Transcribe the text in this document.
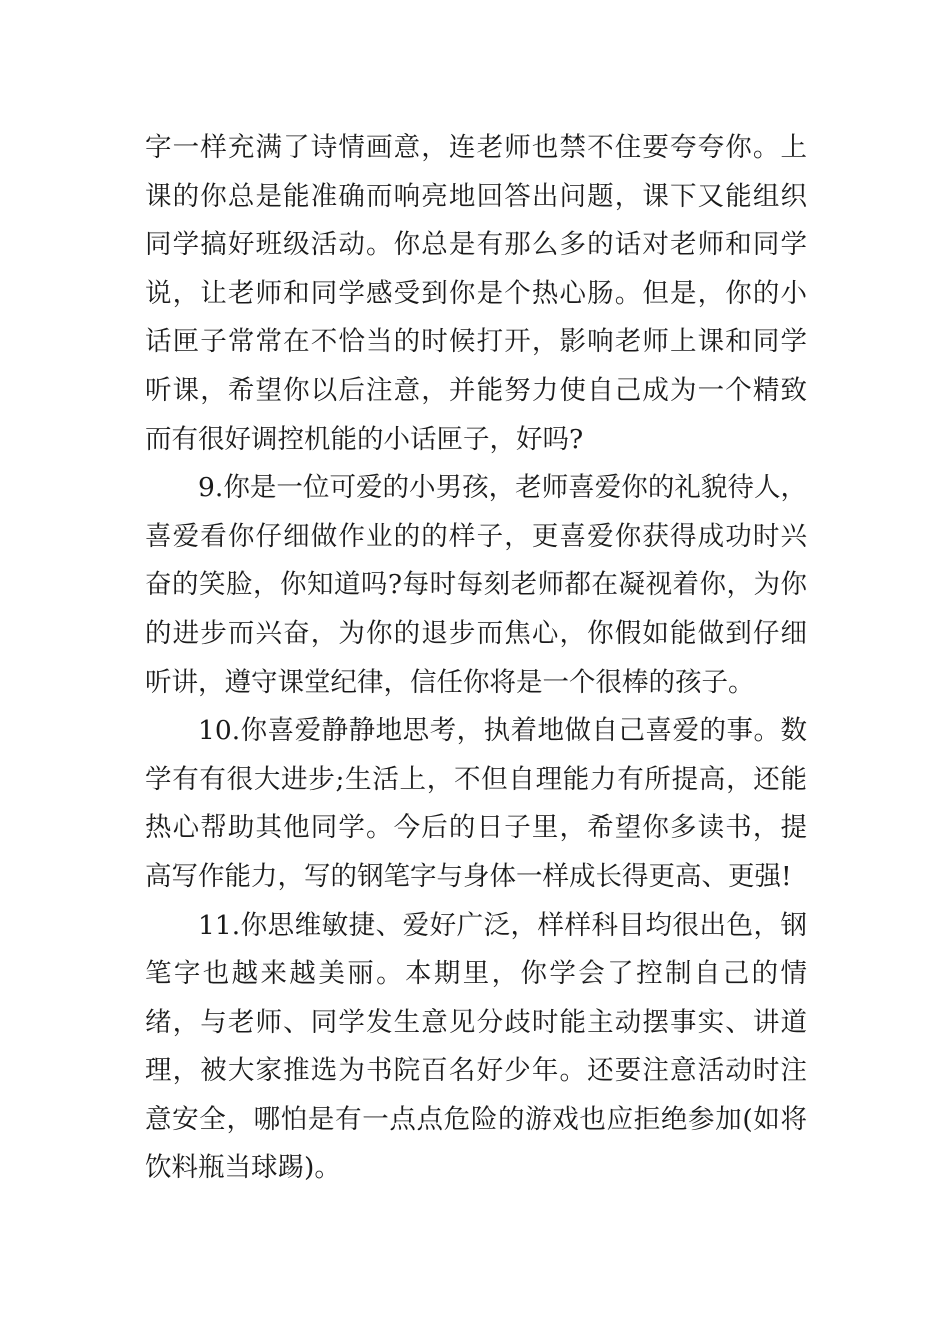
字一样充满了诗情画意，连老师也禁不住要夸夸你。上课的你总是能准确而响亮地回答出问题，课下又能组织同学搞好班级活动。你总是有那么多的话对老师和同学说，让老师和同学感受到你是个热心肠。但是，你的小话匣子常常在不恰当的时候打开，影响老师上课和同学听课，希望你以后注意，并能努力使自己成为一个精致而有很好调控机能的小话匣子，好吗?

9.你是一位可爱的小男孩，老师喜爱你的礼貌待人，喜爱看你仔细做作业的的样子，更喜爱你获得成功时兴奋的笑脸，你知道吗?每时每刻老师都在凝视着你，为你的进步而兴奋，为你的退步而焦心，你假如能做到仔细听讲，遵守课堂纪律，信任你将是一个很棒的孩子。

10.你喜爱静静地思考，执着地做自己喜爱的事。数学有有很大进步;生活上，不但自理能力有所提高，还能热心帮助其他同学。今后的日子里，希望你多读书，提高写作能力，写的钢笔字与身体一样成长得更高、更强!

11.你思维敏捷、爱好广泛，样样科目均很出色，钢笔字也越来越美丽。本期里，你学会了控制自己的情绪，与老师、同学发生意见分歧时能主动摆事实、讲道理，被大家推选为书院百名好少年。还要注意活动时注意安全，哪怕是有一点点危险的游戏也应拒绝参加(如将饮料瓶当球踢)。
